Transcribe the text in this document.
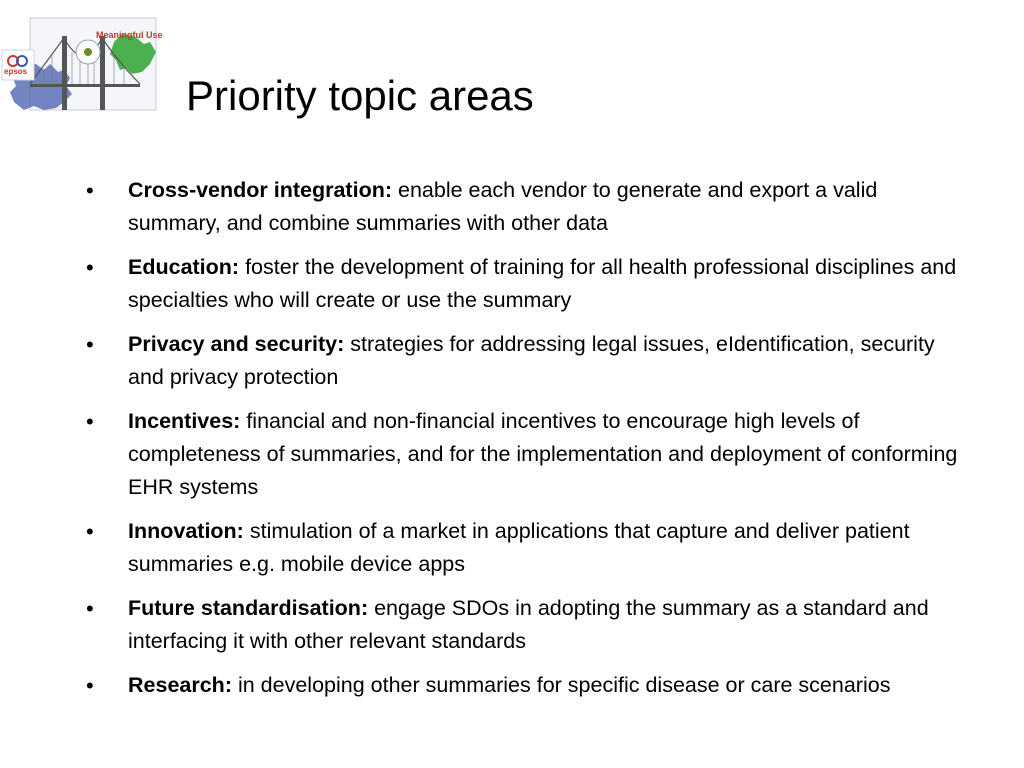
Meaningful Use
epsos
Priority topic areas
• Cross-vendor integration: enable each vendor to generate and export a valid summary, and combine summaries with other data
• Education: foster the development of training for all health professional disciplines and specialties who will create or use the summary
• Privacy and security: strategies for addressing legal issues, eIdentification, security and privacy protection
• Incentives: financial and non-financial incentives to encourage high levels of completeness of summaries, and for the implementation and deployment of conforming EHR systems
• Innovation: stimulation of a market in applications that capture and deliver patient summaries e.g. mobile device apps
• Future standardisation: engage SDOs in adopting the summary as a standard and interfacing it with other relevant standards
• Research: in developing other summaries for specific disease or care scenarios
